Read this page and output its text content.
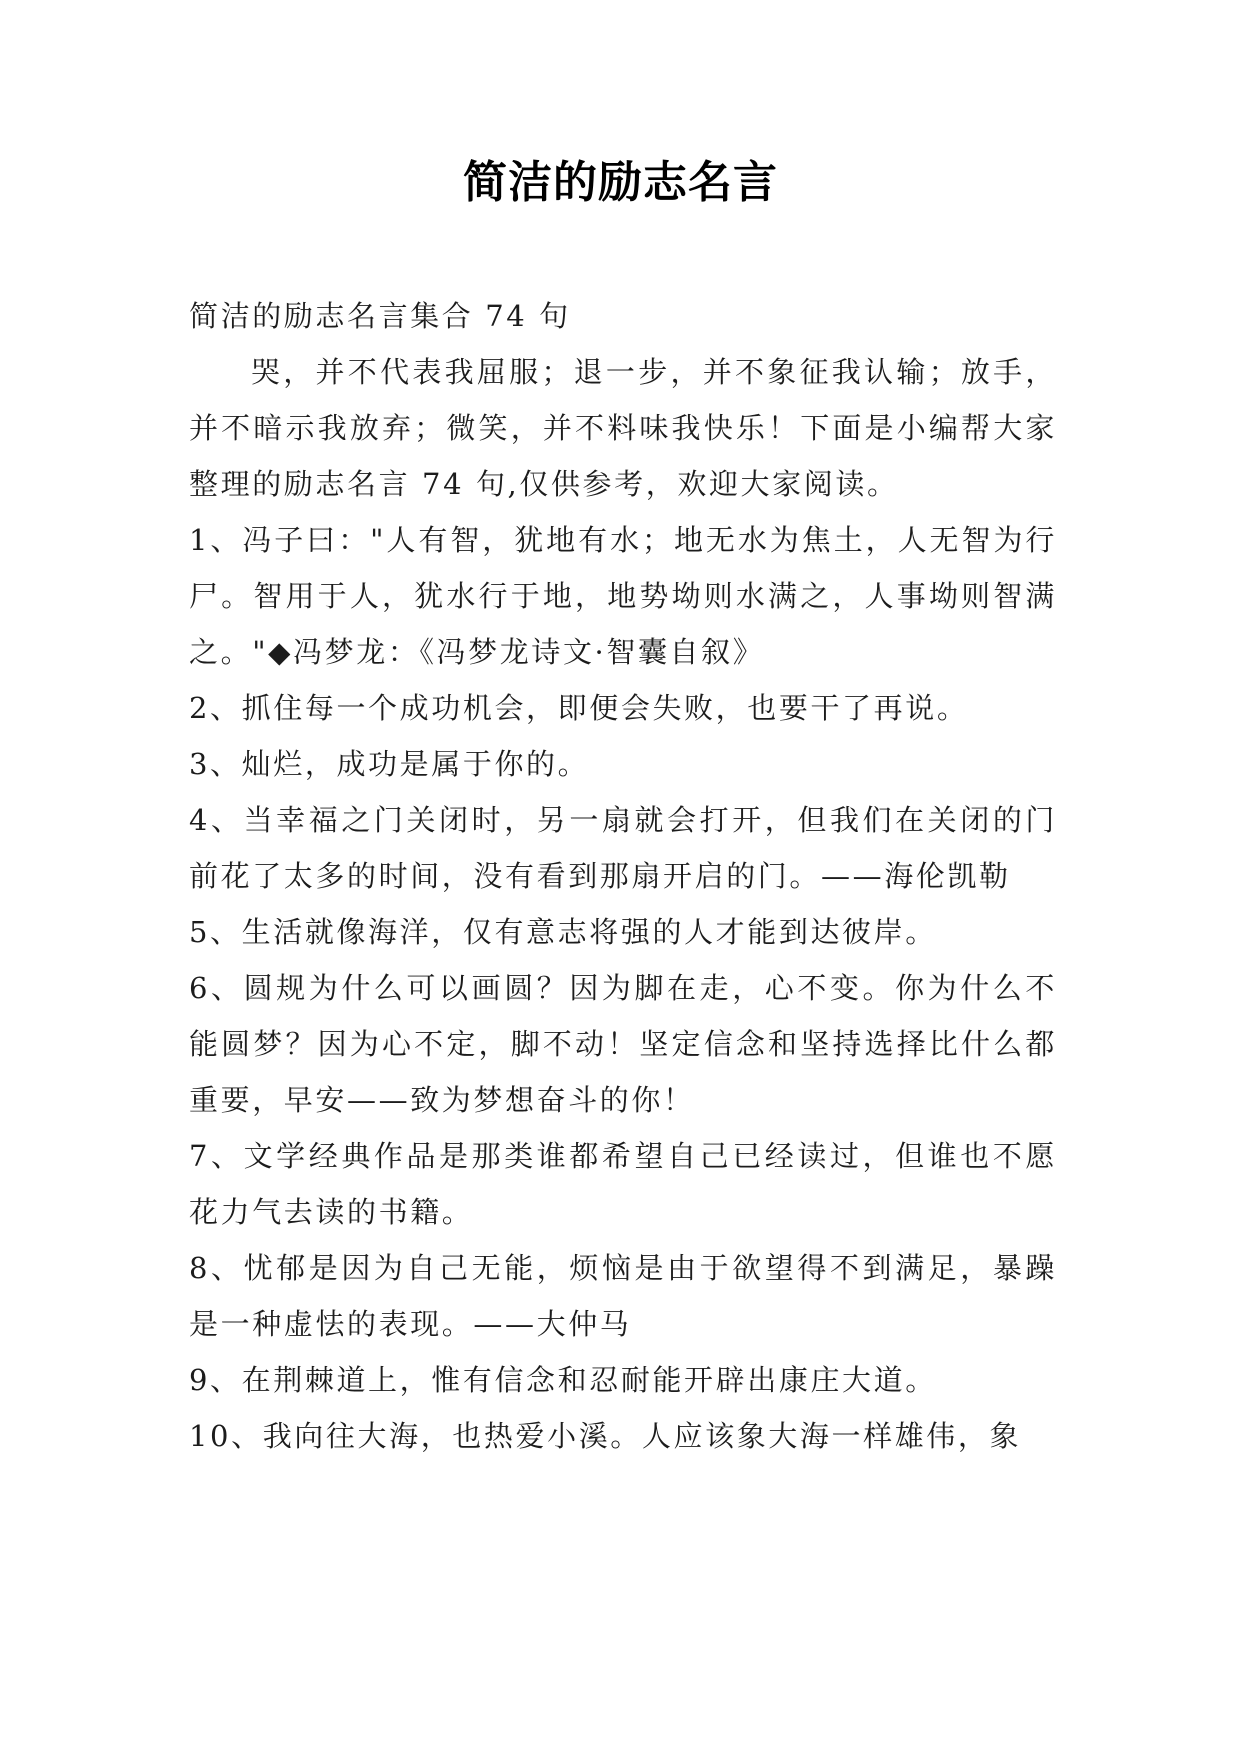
简洁的励志名言

简洁的励志名言集合 74 句

哭，并不代表我屈服；退一步，并不象征我认输；放手，并不暗示我放弃；微笑，并不料味我快乐！下面是小编帮大家整理的励志名言 74 句,仅供参考，欢迎大家阅读。

1、冯子曰："人有智，犹地有水；地无水为焦土，人无智为行尸。智用于人，犹水行于地，地势坳则水满之，人事坳则智满之。"◆冯梦龙：《冯梦龙诗文·智囊自叙》
2、抓住每一个成功机会，即便会失败，也要干了再说。
3、灿烂，成功是属于你的。
4、当幸福之门关闭时，另一扇就会打开，但我们在关闭的门前花了太多的时间，没有看到那扇开启的门。——海伦凯勒
5、生活就像海洋，仅有意志将强的人才能到达彼岸。
6、圆规为什么可以画圆？因为脚在走，心不变。你为什么不能圆梦？因为心不定，脚不动！坚定信念和坚持选择比什么都重要，早安——致为梦想奋斗的你！
7、文学经典作品是那类谁都希望自己已经读过，但谁也不愿花力气去读的书籍。
8、忧郁是因为自己无能，烦恼是由于欲望得不到满足，暴躁是一种虚怯的表现。——大仲马
9、在荆棘道上，惟有信念和忍耐能开辟出康庄大道。
10、我向往大海，也热爱小溪。人应该象大海一样雄伟，象
